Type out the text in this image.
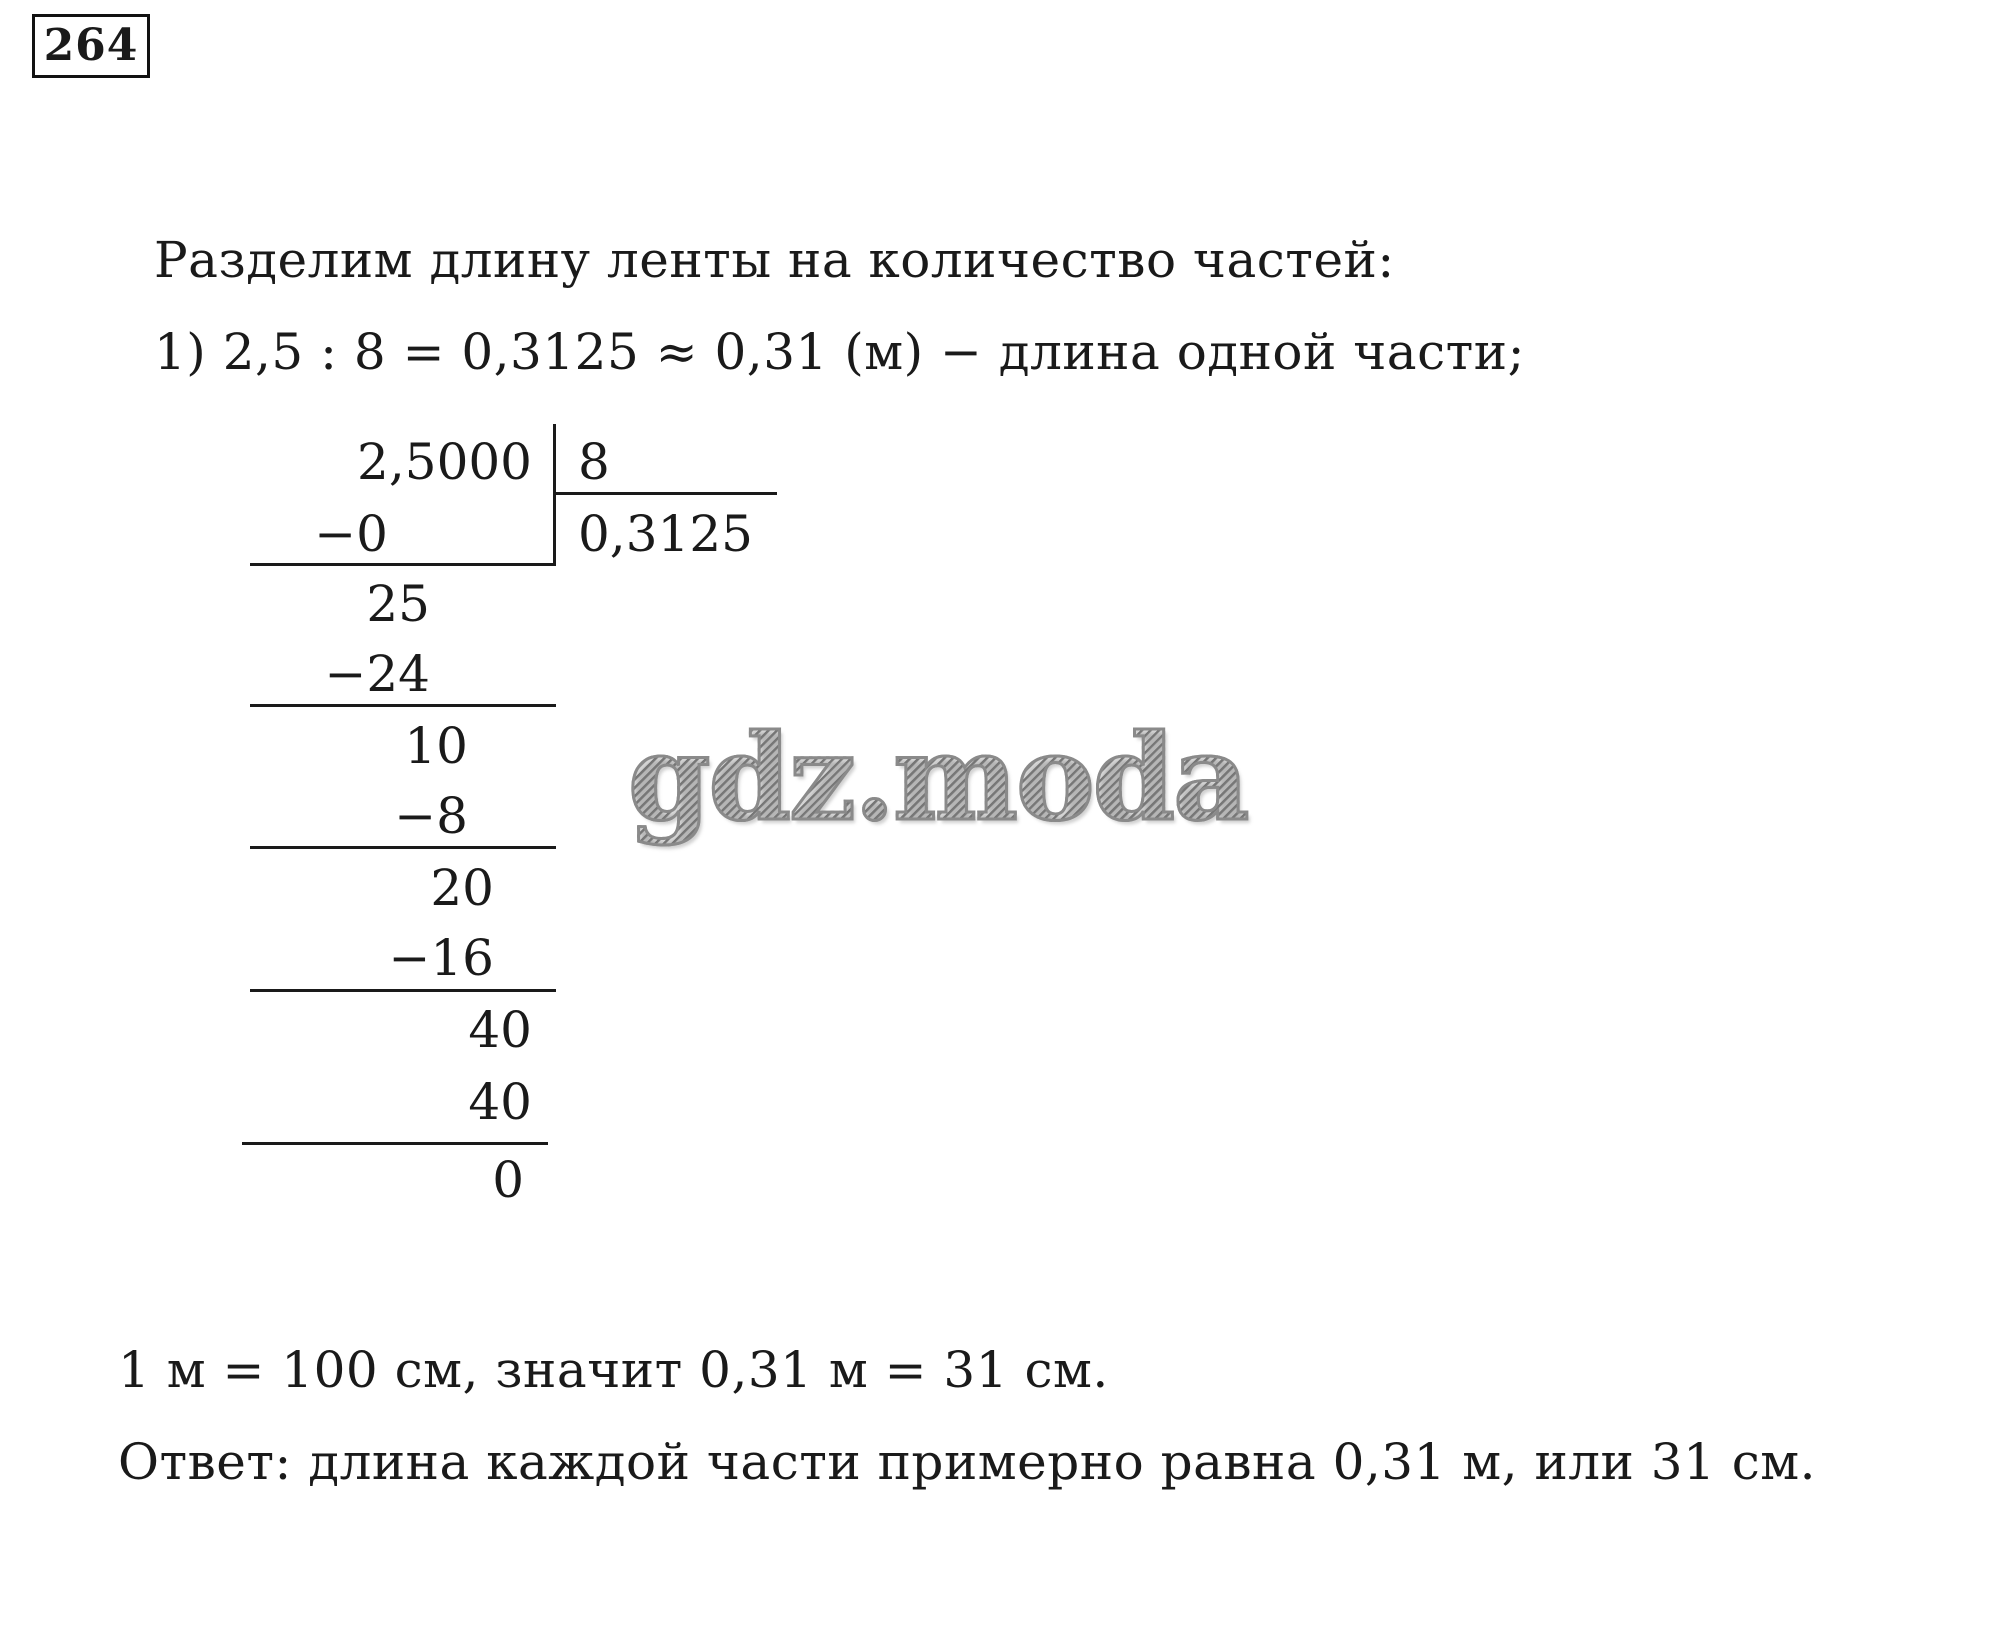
264
Разделим длину ленты на количество частей:
1) 2,5 : 8 = 0,3125 ≈ 0,31 (м) − длина одной части;
2,5000 8
0,3125
−0
25
−24
10
−8
20
−16
40
40
0
gdz.moda
1 м = 100 см, значит 0,31 м = 31 см.
Ответ: длина каждой части примерно равна 0,31 м, или 31 см.
